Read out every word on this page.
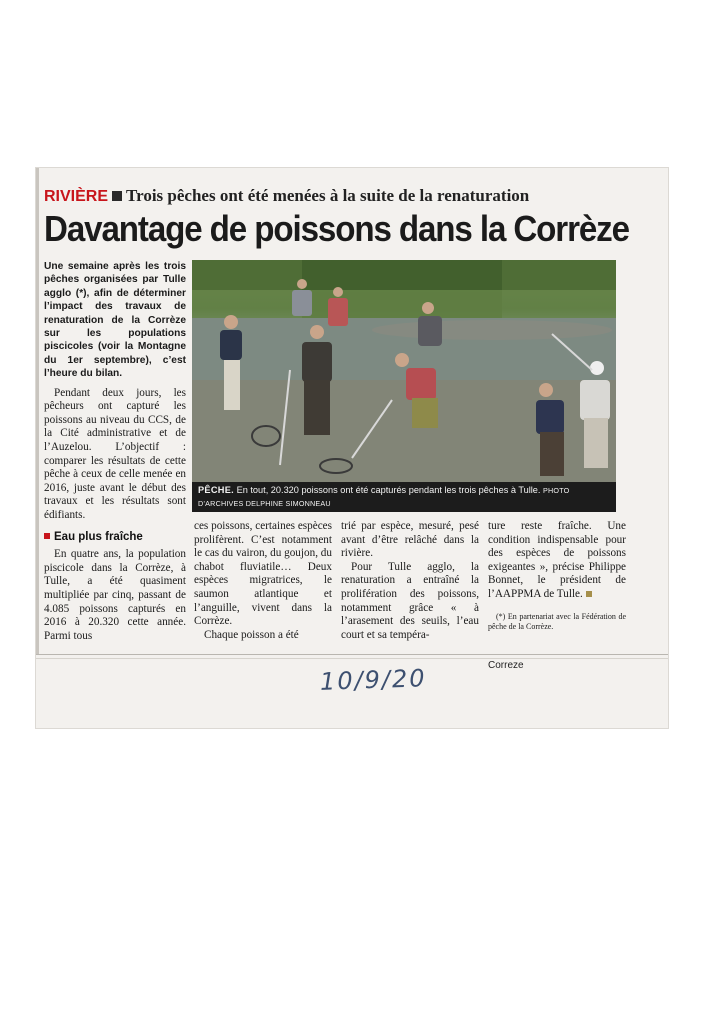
RIVIÈRE Trois pêches ont été menées à la suite de la renaturation
Davantage de poissons dans la Corrèze
Une semaine après les trois pêches organisées par Tulle agglo (*), afin de déterminer l’impact des travaux de renaturation de la Corrèze sur les populations piscicoles (voir la Montagne du 1er septembre), c’est l’heure du bilan.

Pendant deux jours, les pêcheurs ont capturé les poissons au niveau du CCS, de la Cité administrative et de l’Auzelou. L’objectif : comparer les résultats de cette pêche à ceux de celle menée en 2016, juste avant le début des travaux et les résultats sont édifiants.

Eau plus fraîche

En quatre ans, la population piscicole dans la Corrèze, à Tulle, a été quasiment multipliée par cinq, passant de 4.085 poissons capturés en 2016 à 20.320 cette année. Parmi tous

PÊCHE. En tout, 20.320 poissons ont été capturés pendant les trois pêches à Tulle. PHOTO D’ARCHIVES DELPHINE SIMONNEAU

ces poissons, certaines espèces prolifèrent. C’est notamment le cas du vairon, du goujon, du chabot fluviatile… Deux espèces migratrices, le saumon atlantique et l’anguille, vivent dans la Corrèze.

Chaque poisson a été

trié par espèce, mesuré, pesé avant d’être relâché dans la rivière.

Pour Tulle agglo, la renaturation a entraîné la prolifération des poissons, notamment grâce « à l’arasement des seuils, l’eau court et sa tempéra-

ture reste fraîche. Une condition indispensable pour des espèces de poissons exigeantes », précise Philippe Bonnet, le président de l’AAPPMA de Tulle.

(*) En partenariat avec la Fédération de pêche de la Corrèze.

Correze
10/9/20
